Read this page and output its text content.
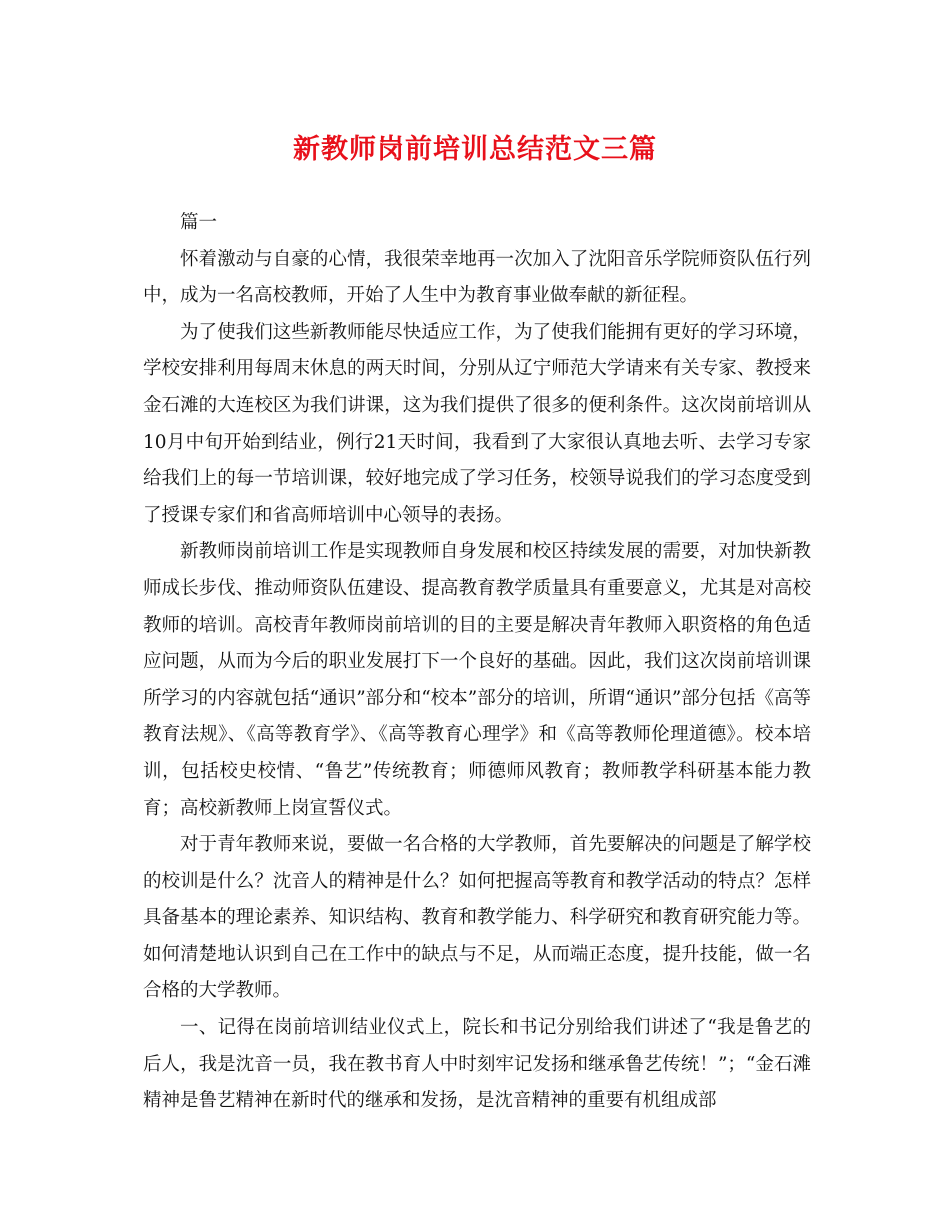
新教师岗前培训总结范文三篇

篇一

怀着激动与自豪的心情，我很荣幸地再一次加入了沈阳音乐学院师资队伍行列中，成为一名高校教师，开始了人生中为教育事业做奉献的新征程。

为了使我们这些新教师能尽快适应工作，为了使我们能拥有更好的学习环境，学校安排利用每周末休息的两天时间，分别从辽宁师范大学请来有关专家、教授来金石滩的大连校区为我们讲课，这为我们提供了很多的便利条件。这次岗前培训从10月中旬开始到结业，例行21天时间，我看到了大家很认真地去听、去学习专家给我们上的每一节培训课，较好地完成了学习任务，校领导说我们的学习态度受到了授课专家们和省高师培训中心领导的表扬。

新教师岗前培训工作是实现教师自身发展和校区持续发展的需要，对加快新教师成长步伐、推动师资队伍建设、提高教育教学质量具有重要意义，尤其是对高校教师的培训。高校青年教师岗前培训的目的主要是解决青年教师入职资格的角色适应问题，从而为今后的职业发展打下一个良好的基础。因此，我们这次岗前培训课所学习的内容就包括“通识”部分和“校本”部分的培训，所谓“通识”部分包括《高等教育法规》、《高等教育学》、《高等教育心理学》和《高等教师伦理道德》。校本培训，包括校史校情、“鲁艺”传统教育；师德师风教育；教师教学科研基本能力教育；高校新教师上岗宣誓仪式。

对于青年教师来说，要做一名合格的大学教师，首先要解决的问题是了解学校的校训是什么？沈音人的精神是什么？如何把握高等教育和教学活动的特点？怎样具备基本的理论素养、知识结构、教育和教学能力、科学研究和教育研究能力等。如何清楚地认识到自己在工作中的缺点与不足，从而端正态度，提升技能，做一名合格的大学教师。

一、记得在岗前培训结业仪式上，院长和书记分别给我们讲述了“我是鲁艺的后人，我是沈音一员，我在教书育人中时刻牢记发扬和继承鲁艺传统！”；“金石滩精神是鲁艺精神在新时代的继承和发扬，是沈音精神的重要有机组成部
